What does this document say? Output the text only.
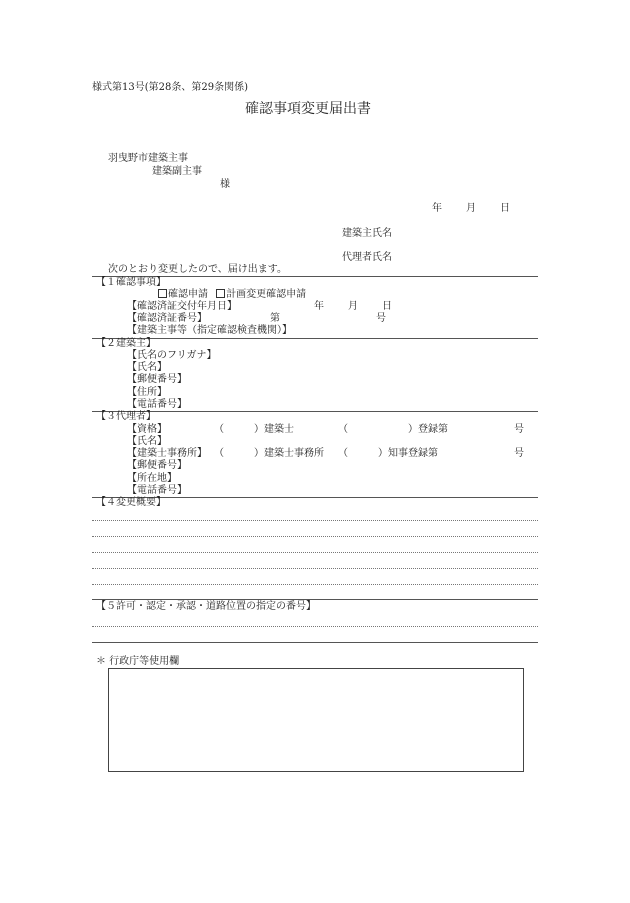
様式第13号(第28条、第29条関係)
確認事項変更届出書
羽曳野市建築主事
建築副主事
様
年 月 日
建築主氏名
代理者氏名
次のとおり変更したので、届け出ます。
【１確認事項】
確認申請   計画変更確認申請
【確認済証交付年月日】	年 月 日
【確認済証番号】	第	号
【建築主事等（指定確認検査機関）】
【２建築主】
【氏名のフリガナ】
【氏名】
【郵便番号】
【住所】
【電話番号】
【３代理者】
【資格】	（　　　）建築士	（　　　　　　）登録第	号
【氏名】
【建築士事務所】 （　　　）建築士事務所 （　　　）知事登録第	号
【郵便番号】
【所在地】
【電話番号】
【４変更概要】
【５許可・認定・承認・道路位置の指定の番号】
＊ 行政庁等使用欄
